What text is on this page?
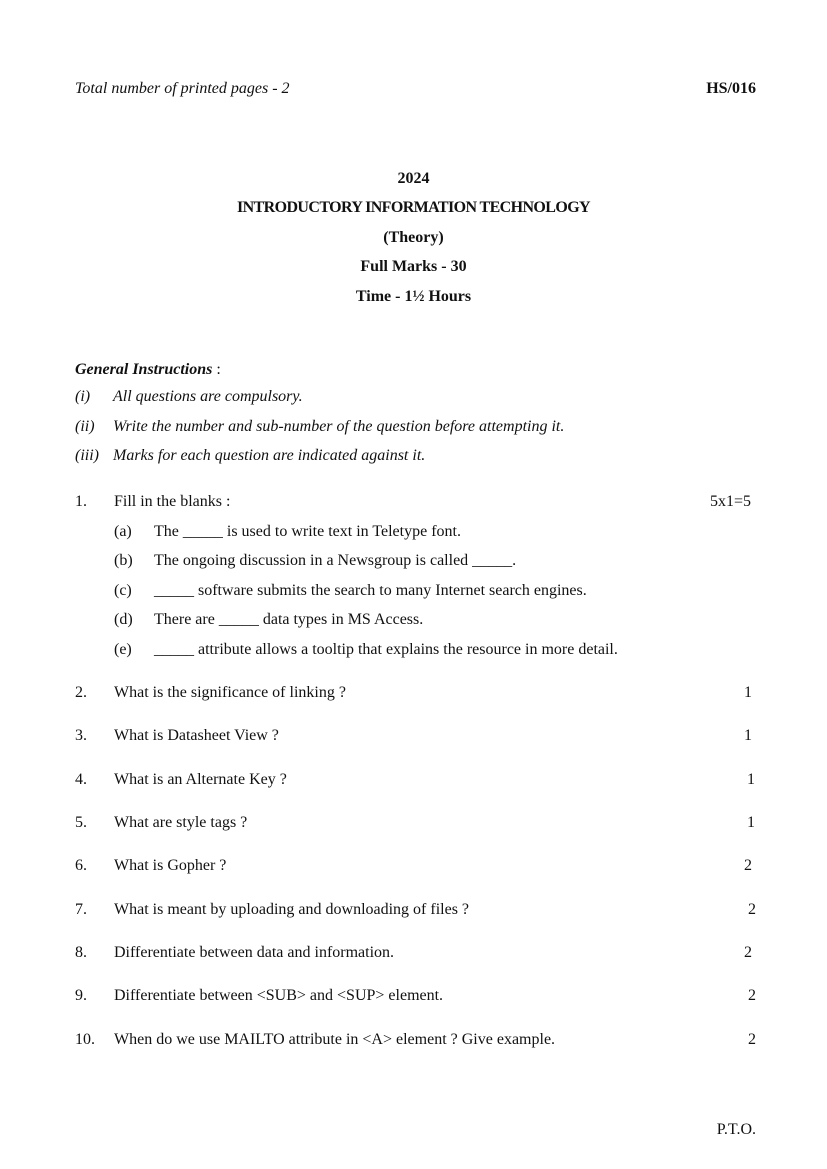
Total number of printed pages - 2	HS/016
2024
INTRODUCTORY INFORMATION TECHNOLOGY
(Theory)
Full Marks - 30
Time - 1½ Hours
General Instructions :
(i) All questions are compulsory.
(ii) Write the number and sub-number of the question before attempting it.
(iii) Marks for each question are indicated against it.
1. Fill in the blanks :	5x1=5
(a) The _____ is used to write text in Teletype font.
(b) The ongoing discussion in a Newsgroup is called _____.
(c) _____ software submits the search to many Internet search engines.
(d) There are _____ data types in MS Access.
(e) _____ attribute allows a tooltip that explains the resource in more detail.
2. What is the significance of linking ?	1
3. What is Datasheet View ?	1
4. What is an Alternate Key ?	1
5. What are style tags ?	1
6. What is Gopher ?	2
7. What is meant by uploading and downloading of files ?	2
8. Differentiate between data and information.	2
9. Differentiate between <SUB> and <SUP> element.	2
10. When do we use MAILTO attribute in <A> element ? Give example.	2
P.T.O.
